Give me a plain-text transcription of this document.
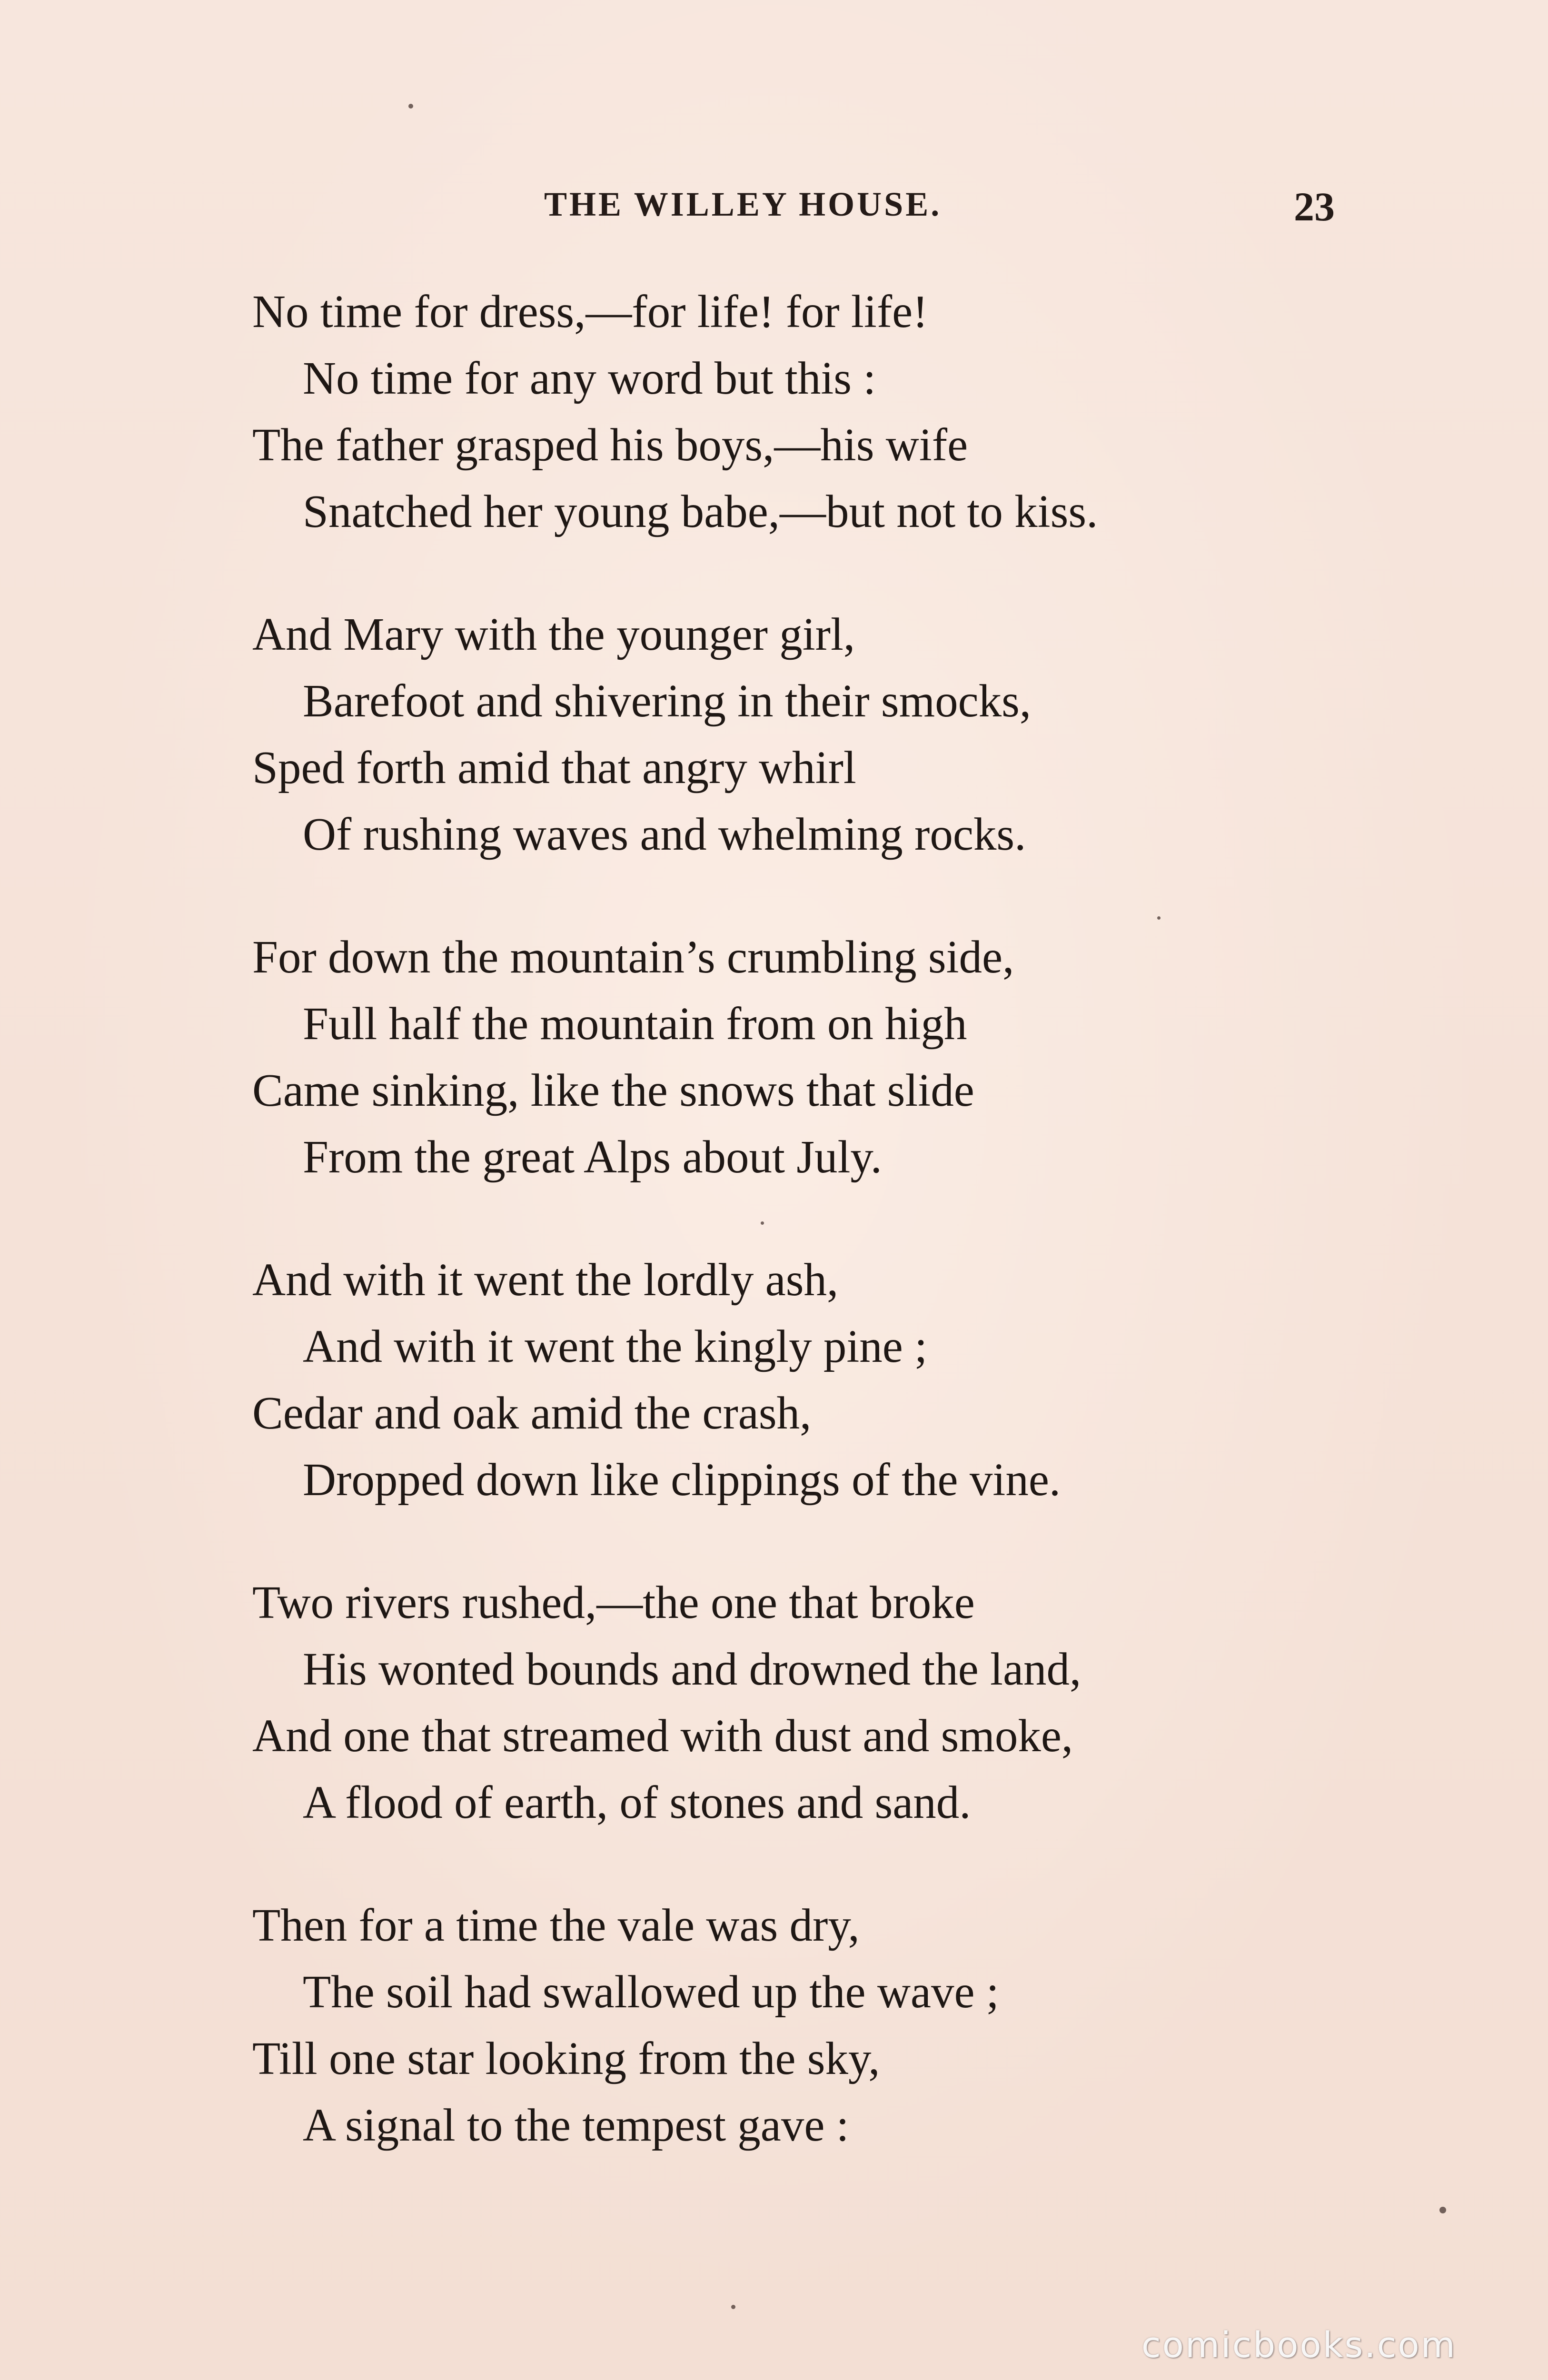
THE WILLEY HOUSE.	23
No time for dress,—for life! for life!
No time for any word but this :
The father grasped his boys,—his wife
Snatched her young babe,—but not to kiss.
And Mary with the younger girl,
Barefoot and shivering in their smocks,
Sped forth amid that angry whirl
Of rushing waves and whelming rocks.
For down the mountain’s crumbling side,
Full half the mountain from on high
Came sinking, like the snows that slide
From the great Alps about July.
And with it went the lordly ash,
And with it went the kingly pine ;
Cedar and oak amid the crash,
Dropped down like clippings of the vine.
Two rivers rushed,—the one that broke
His wonted bounds and drowned the land,
And one that streamed with dust and smoke,
A flood of earth, of stones and sand.
Then for a time the vale was dry,
The soil had swallowed up the wave ;
Till one star looking from the sky,
A signal to the tempest gave :
comicbooks.com
